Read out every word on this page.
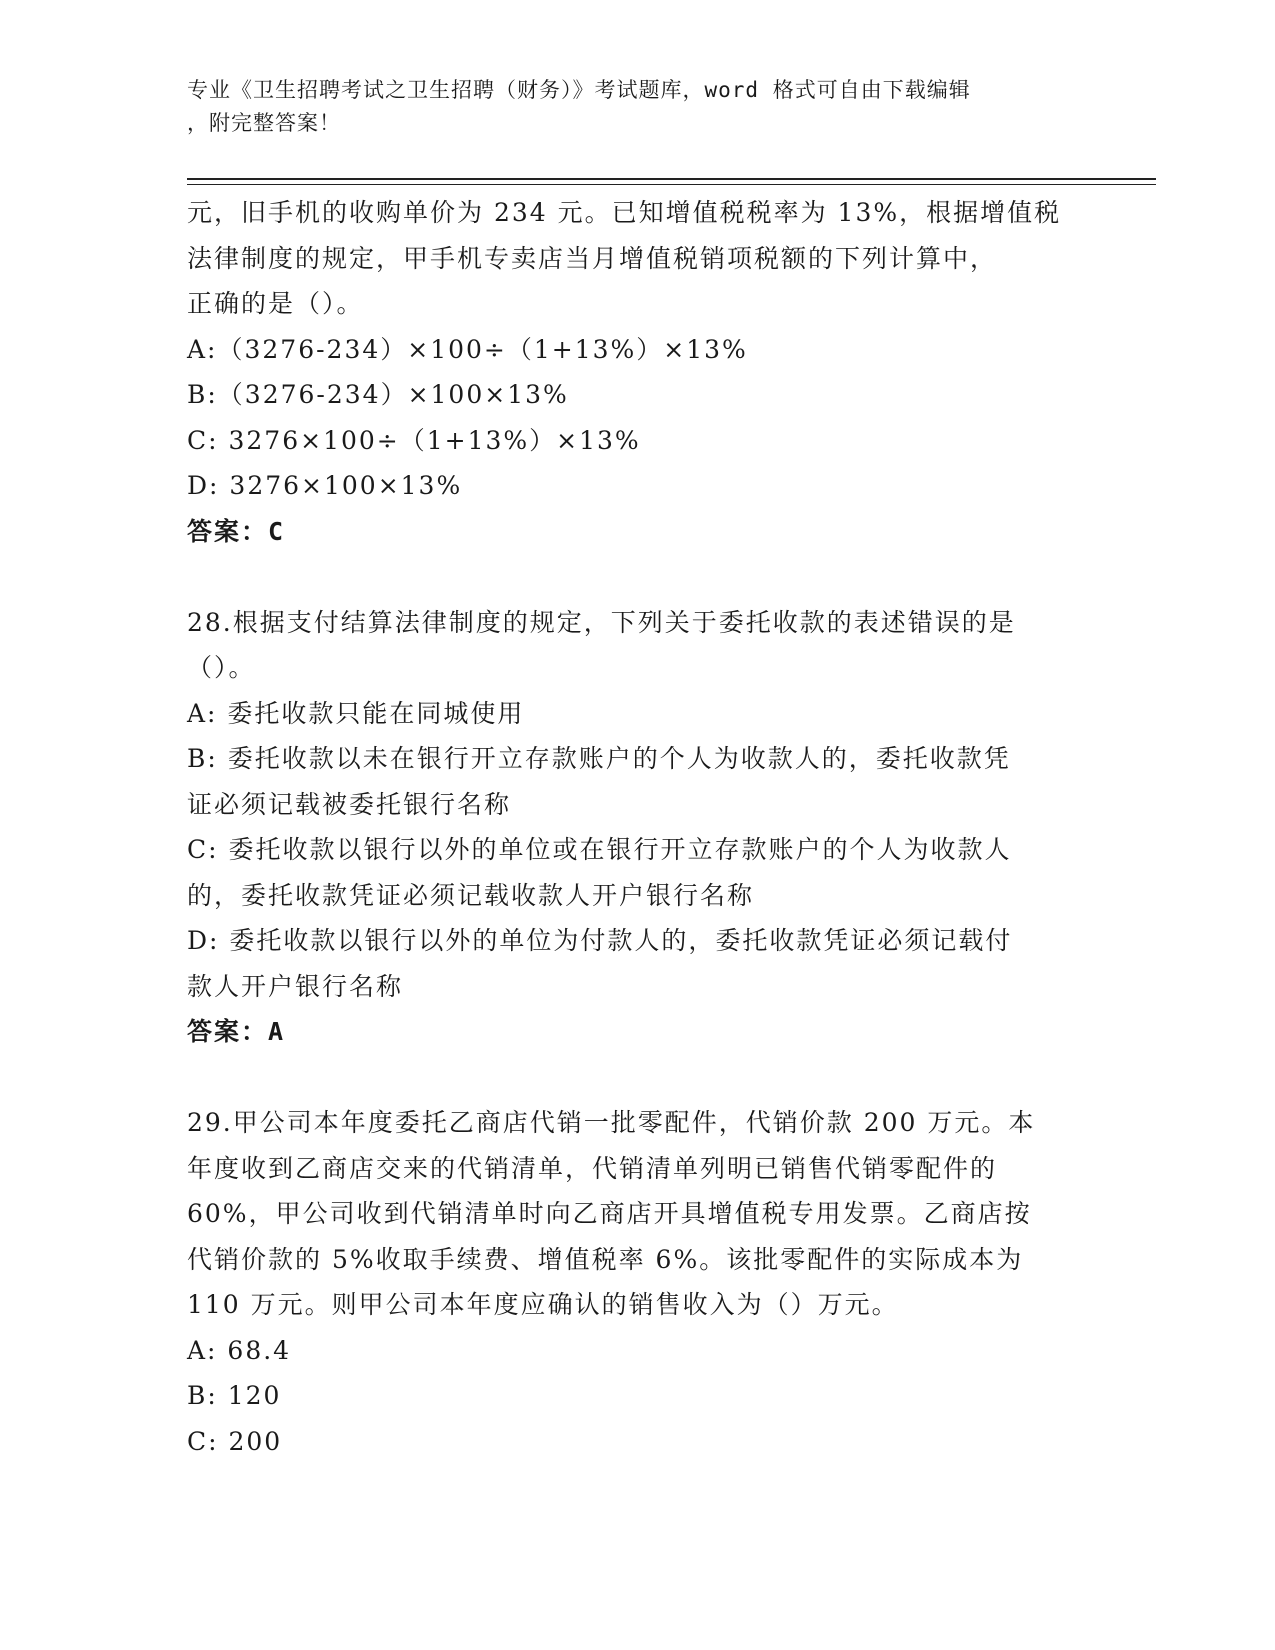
专业《卫生招聘考试之卫生招聘（财务）》考试题库，word 格式可自由下载编辑
，附完整答案！

元，旧手机的收购单价为 234 元。已知增值税税率为 13%，根据增值税

法律制度的规定，甲手机专卖店当月增值税销项税额的下列计算中，

正确的是（）。

A:（3276-234）×100÷（1+13%）×13%

B:（3276-234）×100×13%

C: 3276×100÷（1+13%）×13%

D: 3276×100×13%

答案：C

28.根据支付结算法律制度的规定，下列关于委托收款的表述错误的是

（）。

A: 委托收款只能在同城使用

B: 委托收款以未在银行开立存款账户的个人为收款人的，委托收款凭

证必须记载被委托银行名称

C: 委托收款以银行以外的单位或在银行开立存款账户的个人为收款人

的，委托收款凭证必须记载收款人开户银行名称

D: 委托收款以银行以外的单位为付款人的，委托收款凭证必须记载付

款人开户银行名称

答案：A

29.甲公司本年度委托乙商店代销一批零配件，代销价款 200 万元。本

年度收到乙商店交来的代销清单，代销清单列明已销售代销零配件的

60%，甲公司收到代销清单时向乙商店开具增值税专用发票。乙商店按

代销价款的 5%收取手续费、增值税率 6%。该批零配件的实际成本为

110 万元。则甲公司本年度应确认的销售收入为（）万元。

A: 68.4

B: 120

C: 200
